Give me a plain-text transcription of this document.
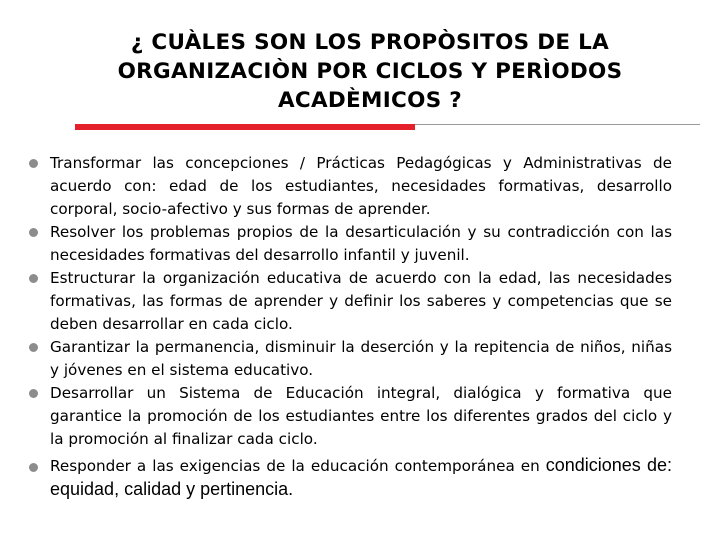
¿ CUÀLES SON LOS PROPÒSITOS DE LA
ORGANIZACIÒN POR CICLOS Y PERÌODOS
ACADÈMICOS ?
Transformar las concepciones / Prácticas Pedagógicas y Administrativas de acuerdo con: edad de los estudiantes, necesidades formativas, desarrollo corporal, socio-afectivo y sus formas de aprender.
Resolver los problemas propios de la desarticulación y su contradicción con las necesidades formativas del desarrollo infantil y juvenil.
Estructurar la organización educativa de acuerdo con la edad, las necesidades formativas, las formas de aprender y definir los saberes y competencias que se deben desarrollar en cada ciclo.
Garantizar la permanencia, disminuir la deserción y la repitencia de niños, niñas y jóvenes en el sistema educativo.
Desarrollar un Sistema de Educación integral, dialógica y formativa que garantice la promoción de los estudiantes entre los diferentes grados del ciclo y la promoción al finalizar cada ciclo.
Responder a las exigencias de la educación contemporánea en condiciones de: equidad, calidad y pertinencia.
